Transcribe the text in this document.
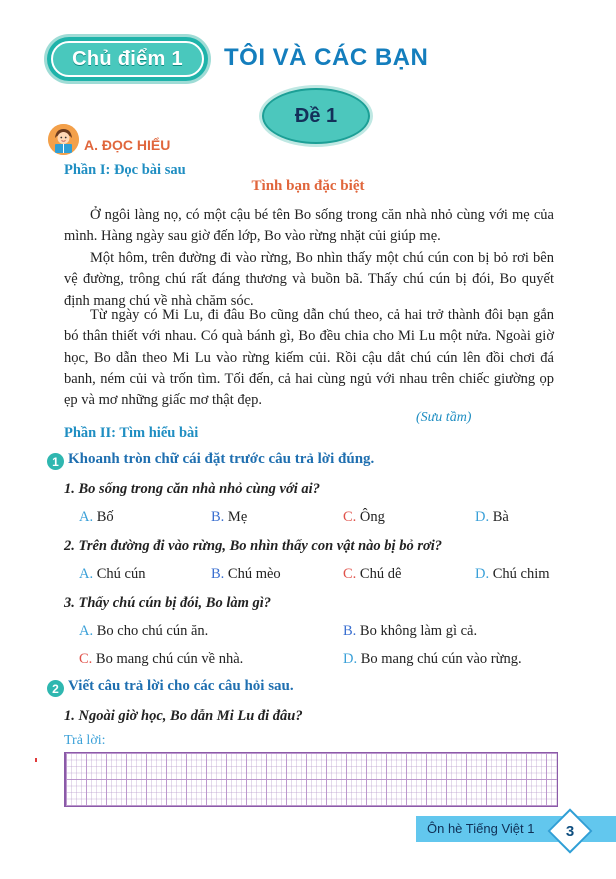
Chủ điểm 1	TÔI VÀ CÁC BẠN
Đề 1
A. ĐỌC HIỂU
Phần I: Đọc bài sau
Tình bạn đặc biệt
Ở ngôi làng nọ, có một cậu bé tên Bo sống trong căn nhà nhỏ cùng với mẹ của mình. Hàng ngày sau giờ đến lớp, Bo vào rừng nhặt củi giúp mẹ.
Một hôm, trên đường đi vào rừng, Bo nhìn thấy một chú cún con bị bỏ rơi bên vệ đường, trông chú rất đáng thương và buồn bã. Thấy chú cún bị đói, Bo quyết định mang chú về nhà chăm sóc.
Từ ngày có Mi Lu, đi đâu Bo cũng dẫn chú theo, cả hai trở thành đôi bạn gắn bó thân thiết với nhau. Có quà bánh gì, Bo đều chia cho Mi Lu một nửa. Ngoài giờ học, Bo dẫn theo Mi Lu vào rừng kiếm củi. Rồi cậu dắt chú cún lên đồi chơi đá banh, ném củi và trốn tìm. Tối đến, cả hai cùng ngủ với nhau trên chiếc giường ọp ẹp và mơ những giấc mơ thật đẹp.
(Sưu tầm)
Phần II: Tìm hiểu bài
1 Khoanh tròn chữ cái đặt trước câu trả lời đúng.
1. Bo sống trong căn nhà nhỏ cùng với ai?
A. Bố	B. Mẹ	C. Ông	D. Bà
2. Trên đường đi vào rừng, Bo nhìn thấy con vật nào bị bỏ rơi?
A. Chú cún	B. Chú mèo	C. Chú dê	D. Chú chim
3. Thấy chú cún bị đói, Bo làm gì?
A. Bo cho chú cún ăn.	B. Bo không làm gì cả.
C. Bo mang chú cún về nhà.	D. Bo mang chú cún vào rừng.
2 Viết câu trả lời cho các câu hỏi sau.
1. Ngoài giờ học, Bo dẫn Mi Lu đi đâu?
Trả lời:
Ôn hè Tiếng Việt 1	3
